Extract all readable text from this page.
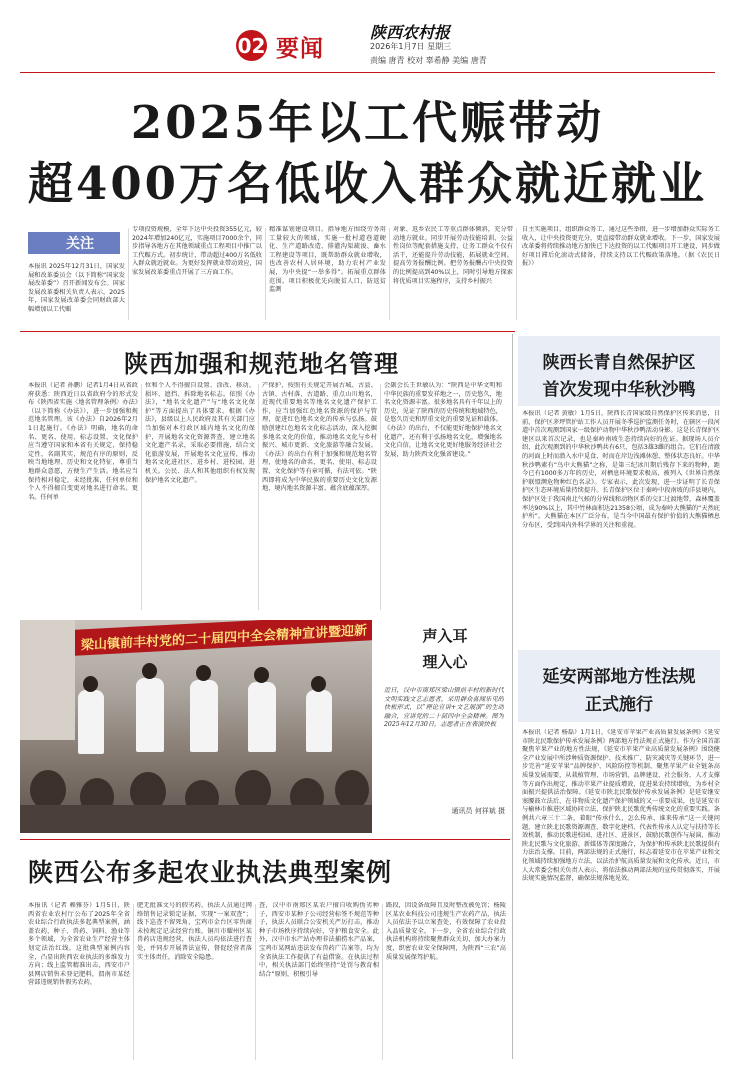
02 要闻
陕西农村报
2026年1月7日 星期三
责编 唐青 校对 辜希静 美编 唐青
2025年以工代赈带动
超400万名低收入群众就近就业
关注
本报讯 2025年12月31日，国家发展和改革委员会（以下简称“国家发展改革委”）召开新闻发布会。国家发展改革委相关负责人表示，2025年，国家发展改革委会同财政部大幅增加以工代赈
专项投资规模，全年下达中央投资355亿元，较2024年增加240亿元，实施项目7000余个，同步指导各地方在其他领域重点工程项目中推广以工代赈方式。初步统计，带动超过400万名低收入群众就近就业。为更好发挥就业带动效应，国家发展改革委重点开展了三方面工作。
精准谋划建设项目。指导地方围绕劳务用工量较大的领域，实施一批村道巷道硬化、生产道路改造、排灌沟渠疏浚、畜水工程建设等项目，既帮助群众就业增收，也改善农村人居环境，助力农村产业发展，为中央提“一举多得”。拓展重点群体范围。项目积极优先向脱贫人口，防返贫监测
对象、返乡农民工等重点群体倾斜，充分带动地方就业。同步开展劳动技能培训、公益性岗位等配套措施支持，让务工群众不仅有活干，还能提升劳动技能，拓展就业空间。提高劳务报酬比例。把劳务报酬占中央投资的比例提高到40%以上，同时引导地方探索将优质项目实施程序，支持乡村振兴
自主实施项目，组织群众务工，通过这些举措，进一步增加群众实际务工收入，让中央投资更充分，更直接带动群众就业增收。下一步，国家发展改革委将持续推动地方加快已下达投资的以工代赈项目开工建设，同步做好项目滞后化滚动式储备，持续支持以工代赈政策落地。（据《农民日报》）
陕西加强和规范地名管理
本报讯（记者 孙鹏）记者1月4日从省政府获悉：陕西近日以省政府令的形式发布《陕西省实施〈地名管理条例〉办法》（以下简称《办法》），进一步加强和规范地名管理。该《办法》自2026年2月1日起施行。《办法》明确，地名的命名、更名、使用、标志设置、文化保护应当遵守国家和本省有关规定，保持稳定性，名副其实，规范有序的原则，反映当地地理、历史和文化特征，尊重当地群众意愿，方便生产生活。地名应当保持相对稳定，未经批准，任何单位和个人不得擅自变更对地名进行命名、更名。任何单
位和个人不得擅自设置、涂改、移动、损坏、遮挡、拆除地名标志。依照《办法》，“地名文化遗产”与“地名文化保护”等方面提出了具体要求。根据《办法》，县级以上人民政府及其有关部门应当加强对本行政区域内地名文化的保护，开展地名文化资源普查，建立地名文化遗产名录，采取必要措施，结合文化旅游发展，开展地名文化宣传，推动地名文化进社区、进乡村、进校园、进机关。公民、法人和其他组织有权发现保护地名文化遗产。
产保护，按照有关规定开展古城、古县、古镇、古村落、古道路、重点山川地名，近现代重要地名等地名文化遗产保护工作，应当加强红色地名资源的保护与管理，促进红色地名文化的传承与弘扬。鼓励创建红色地名文化标志活动，深入挖掘多地名文化的价值，推动地名文化与乡村振兴、城市更新、文化旅游等融合发展。《办法》的出台有利于加强和规范地名管理，使地名的命名、更名、使用、标志设置、文化保护等有章可循，有法可依。“陕西即将成为中华民族的重要历史文化发源地，境内地名资源丰富、蕴含底蕴深厚。
会副会长王世敏认为：“陕西是中华文明和中华民族的重要发祥地之一，历史悠久，地名文化资源丰富。很多地名具有千年以上的历史，见证了陕西的历史传统和地域特色，是悠久历史和厚重文化的重要见证和载体。《办法》的出台，不仅能更好地保护地名文化遗产，还有利于弘扬地名文化，增强地名文化自信，让地名文化更好地服务经济社会发展，助力陕西文化强省建设。”
陕西长青自然保护区
首次发现中华秋沙鸭
本报讯（记者 黄敏）1月5日，陕西长青国家级自然保护区传来消息，日前，保护区茅坪管护站工作人员开展冬季巡护监测任务时，在辖区一段河道中首次观测到国家一级保护动物中华秋沙鸭活动身影。这是长青保护区建区以来首次记录，也是秦岭南坡生态持续向好的佐证。据现场人员介绍，此次观测到的中华秋沙鸭共有6只，包括3雄3雌的组合。它们在清澈的河面上时而潜入水中觅食，时而在岸边浅滩休憩，整体状态良好。中华秋沙鸭素有“鸟中大熊猫”之称，是第三纪冰川期后残存下来的物种，距今已有1000多万年的历史，对栖息环境要求极高，被列入《世界自然保护联盟濒危物种红色名录》。专家表示，此次发现，进一步证明了长青保护区生态环境质量持续提升。长青保护区位于秦岭中段南坡的洋县境内，保护区处于我国南北气候的分界线和动物区系的交汇过渡地带，森林覆盖率达90%以上，其中竹林面积达21358公顷，成为秦岭大熊猫的“天然庇护所”。大熊猫在本区广泛分布，是当今中国最有保护价值的大熊猫栖息分布区，受到国内外科学界的关注和重视。
延安两部地方性法规
正式施行
本报讯（记者 杨磊）1月1日，《延安市苹果产业高质量发展条例》《延安市陕北民歌保护传承发展条例》两部地方性法规正式施行。作为全国首部聚焦苹果产业的地方性法规，《延安市苹果产业高质量发展条例》围绕健全产业发展中所涉种质资源保护、技术推广、防灾减灾等关键环节，进一步完善“延安苹果”品牌保护、风险防控等机制，聚焦苹果产业全链条高质量发展需要，从栽植管理、市场营销、品牌建设、社会服务、人才支撑等方面作出规定，推动苹果产业提质增效，促进果农持续增收，为乡村全面振兴提供法治保障。《延安市陕北民歌保护传承发展条例》是延安继安塞腰鼓立法后，在非物质文化遗产保护领域的又一重要成果，也是延安市与榆林市推进区域协同立法、保护陕北民歌优秀传统文化的重要实践。条例共六章三十二条，着眼“传承什么、怎么传承、谁来传承”这一关键问题，建立陕北民歌资源调查、数字化建档、代表性传承人认定与扶持等长效机制，推动民歌进校园、进社区、进景区，鼓励民歌创作与展演，推动陕北民歌与文化旅游、新媒体等深度融合，为保护和传承陕北民歌提供有力法治支撑。目前，两部法规的正式施行，标志着延安市在苹果产业和文化领域持续加强地方立法，以法治护航高质量发展和文化传承。近日，市人大常委会相关负责人表示，将依法推动两部法规的宣传贯彻落实，开展法规实施情况监督，确保法规落地见效。
梁山镇前丰村党的二十届四中全会精神宣讲暨迎新	声入耳
理入心
近日，汉中市南郑区梁山镇前丰村的新时代文明实践文艺志愿者，采用群众喜闻乐见的快板形式，以“理论宣讲+文艺展演”的生动融合，宣讲党的二十届四中全会精神。图为2025年12月30日，志愿者正在表演快板
通讯员 何祥斌 摄
陕西公布多起农业执法典型案例
本报讯（记者 赖雅芬）1月5日，陕西省农业农村厅公布了2025年全省农业综合行政执法多起典型案例，涵盖农药、种子、兽药、饲料、渔业等多个领域，为全省农业生产经营主体划定法治红线。这批典型案例内容全，凸显出陕西农业执法的多维发力方向；线上监管精准出击，西安市户县网店销售未登记肥料，渭南市某经营部违规销售假劣农药，
肥无批准文号的假劣药，执法人员通过网络销售记录锁定证据，实现“一案双查”；线下巡查不留死角，宝鸡市金台区零售商未按规定记录经营台账，铜川市耀州区某兽药店违规经营，执法人员均依法进行查处，并同步开展普法宣传，督促经营者落实主体责任，消除安全隐患。
查，汉中市南郑区某农户擅自收购伪劣种子，西安市某种子公司经营标签不规范等种子，执法人员联合公安机关严厉打击，推动种子市场秩序持续向好，守护粮食安全。此外，汉中市水产站办理非法捕捞水产品案，宝鸡市某网站违法发布兽药广告案等，均为全省执法工作提供了有益借鉴。在执法过程中，相关执法部门始终坚持“处罚与教育相结合”原则，积极引导
路段，因设备故障且及时整改被免罚；杨陵区某农业科技公司违规生产农药产品，执法人员依法予以立案查处，有效保障了农业投入品质量安全。下一步，全省农业综合行政执法机构将持续聚焦群众关切，加大办案力度，织密农业安全保障网，为陕西“三农”高质量发展保驾护航。
